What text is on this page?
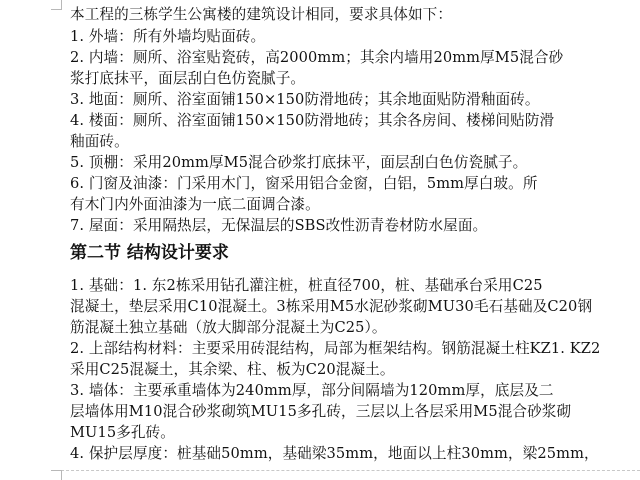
本工程的三栋学生公寓楼的建筑设计相同，要求具体如下：
1. 外墙：所有外墙均贴面砖。
2. 内墙：厕所、浴室贴瓷砖，高2000mm；其余内墙用20mm厚M5混合砂
浆打底抹平，面层刮白色仿瓷腻子。
3. 地面：厕所、浴室面铺150×150防滑地砖；其余地面贴防滑釉面砖。
4. 楼面：厕所、浴室面铺150×150防滑地砖；其余各房间、楼梯间贴防滑
釉面砖。
5. 顶棚：采用20mm厚M5混合砂浆打底抹平，面层刮白色仿瓷腻子。
6. 门窗及油漆：门采用木门，窗采用铝合金窗，白铝，5mm厚白玻。所
有木门内外面油漆为一底二面调合漆。
7. 屋面：采用隔热层，无保温层的SBS改性沥青卷材防水屋面。
第二节 结构设计要求
1. 基础：1. 东2栋采用钻孔灌注桩，桩直径700，桩、基础承台采用C25
混凝土，垫层采用C10混凝土。3栋采用M5水泥砂浆砌MU30毛石基础及C20钢
筋混凝土独立基础（放大脚部分混凝土为C25）。
2. 上部结构材料：主要采用砖混结构，局部为框架结构。钢筋混凝土柱KZ1. KZ2
采用C25混凝土，其余梁、柱、板为C20混凝土。
3. 墙体：主要承重墙体为240mm厚，部分间隔墙为120mm厚，底层及二
层墙体用M10混合砂浆砌筑MU15多孔砖，三层以上各层采用M5混合砂浆砌
MU15多孔砖。
4. 保护层厚度：桩基础50mm，基础梁35mm，地面以上柱30mm，梁25mm，
